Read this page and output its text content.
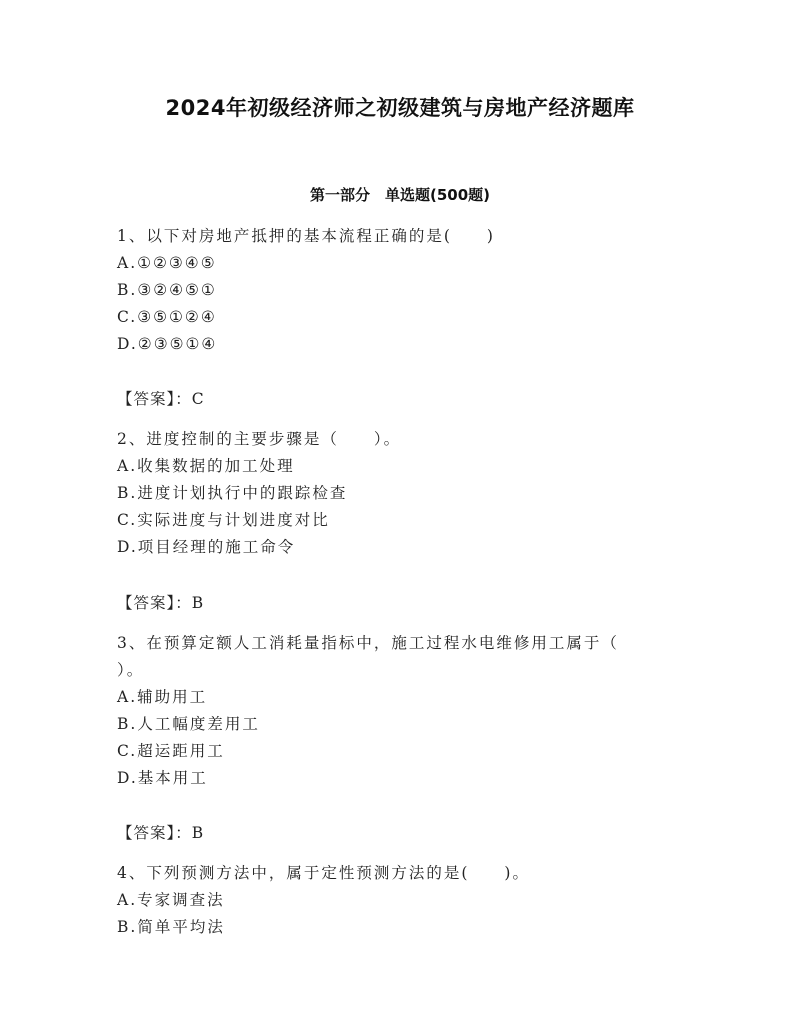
2024年初级经济师之初级建筑与房地产经济题库
第一部分　单选题(500题)
1、以下对房地产抵押的基本流程正确的是(　　)
A.①②③④⑤
B.③②④⑤①
C.③⑤①②④
D.②③⑤①④
【答案】：C
2、进度控制的主要步骤是（　　）。
A.收集数据的加工处理
B.进度计划执行中的跟踪检查
C.实际进度与计划进度对比
D.项目经理的施工命令
【答案】：B
3、在预算定额人工消耗量指标中，施工过程水电维修用工属于（
）。
A.辅助用工
B.人工幅度差用工
C.超运距用工
D.基本用工
【答案】：B
4、下列预测方法中，属于定性预测方法的是(　　)。
A.专家调查法
B.简单平均法
